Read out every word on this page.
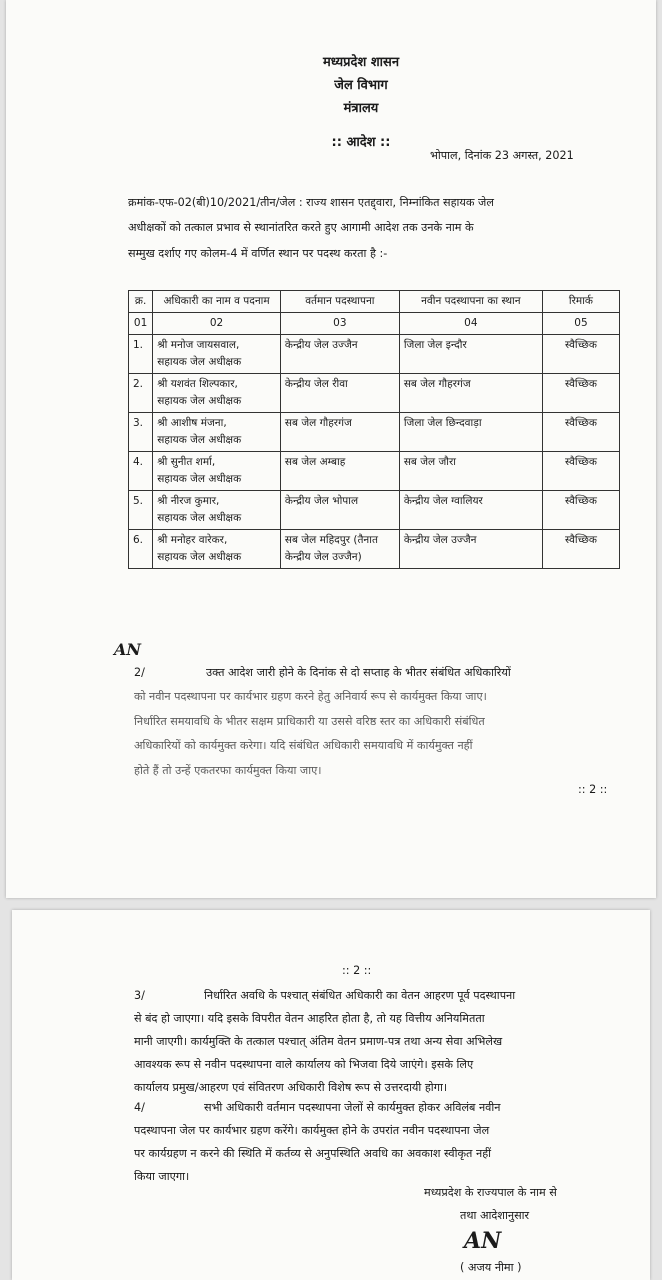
मध्यप्रदेश शासन
जेल विभाग
मंत्रालय
:: आदेश ::
भोपाल, दिनांक 23 अगस्त, 2021
क्रमांक-एफ-02(बी)10/2021/तीन/जेल : राज्य शासन एतद्द्वारा, निम्नांकित सहायक जेल
अधीक्षकों को तत्काल प्रभाव से स्थानांतरित करते हुए आगामी आदेश तक उनके नाम के
सम्मुख दर्शाए गए कोलम-4 में वर्णित स्थान पर पदस्थ करता है :-
क्र.	अधिकारी का नाम व पदनाम	वर्तमान पदस्थापना	नवीन पदस्थापना का स्थान	रिमार्क
01	02	03	04	05
1.	श्री मनोज जायसवाल,
सहायक जेल अधीक्षक	केन्द्रीय जेल उज्जैन	जिला जेल इन्दौर	स्वैच्छिक
2.	श्री यशवंत शिल्पकार,
सहायक जेल अधीक्षक	केन्द्रीय जेल रीवा	सब जेल गौहरगंज	स्वैच्छिक
3.	श्री आशीष मंजना,
सहायक जेल अधीक्षक	सब जेल गौहरगंज	जिला जेल छिन्दवाड़ा	स्वैच्छिक
4.	श्री सुनीत शर्मा,
सहायक जेल अधीक्षक	सब जेल अम्बाह	सब जेल जौरा	स्वैच्छिक
5.	श्री नीरज कुमार,
सहायक जेल अधीक्षक	केन्द्रीय जेल भोपाल	केन्द्रीय जेल ग्वालियर	स्वैच्छिक
6.	श्री मनोहर वारेकर,
सहायक जेल अधीक्षक	सब जेल महिदपुर (तैनात केन्द्रीय जेल उज्जैन)	केन्द्रीय जेल उज्जैन	स्वैच्छिक
AN
2/	उक्त आदेश जारी होने के दिनांक से दो सप्ताह के भीतर संबंधित अधिकारियों
को नवीन पदस्थापना पर कार्यभार ग्रहण करने हेतु अनिवार्य रूप से कार्यमुक्त किया जाए।
निर्धारित समयावधि के भीतर सक्षम प्राधिकारी या उससे वरिष्ठ स्तर का अधिकारी संबंधित
अधिकारियों को कार्यमुक्त करेगा। यदि संबंधित अधिकारी समयावधि में कार्यमुक्त नहीं
होते हैं तो उन्हें एकतरफा कार्यमुक्त किया जाए।
:: 2 ::
:: 2 ::
3/	निर्धारित अवधि के पश्चात् संबंधित अधिकारी का वेतन आहरण पूर्व पदस्थापना
से बंद हो जाएगा। यदि इसके विपरीत वेतन आहरित होता है, तो यह वित्तीय अनियमितता
मानी जाएगी। कार्यमुक्ति के तत्काल पश्चात् अंतिम वेतन प्रमाण-पत्र तथा अन्य सेवा अभिलेख
आवश्यक रूप से नवीन पदस्थापना वाले कार्यालय को भिजवा दिये जाएंगे। इसके लिए
कार्यालय प्रमुख/आहरण एवं संवितरण अधिकारी विशेष रूप से उत्तरदायी होगा।
4/	सभी अधिकारी वर्तमान पदस्थापना जेलों से कार्यमुक्त होकर अविलंब नवीन
पदस्थापना जेल पर कार्यभार ग्रहण करेंगे। कार्यमुक्त होने के उपरांत नवीन पदस्थापना जेल
पर कार्यग्रहण न करने की स्थिति में कर्तव्य से अनुपस्थिति अवधि का अवकाश स्वीकृत नहीं
किया जाएगा।
मध्यप्रदेश के राज्यपाल के नाम से
तथा आदेशानुसार
AN
( अजय नीमा )
